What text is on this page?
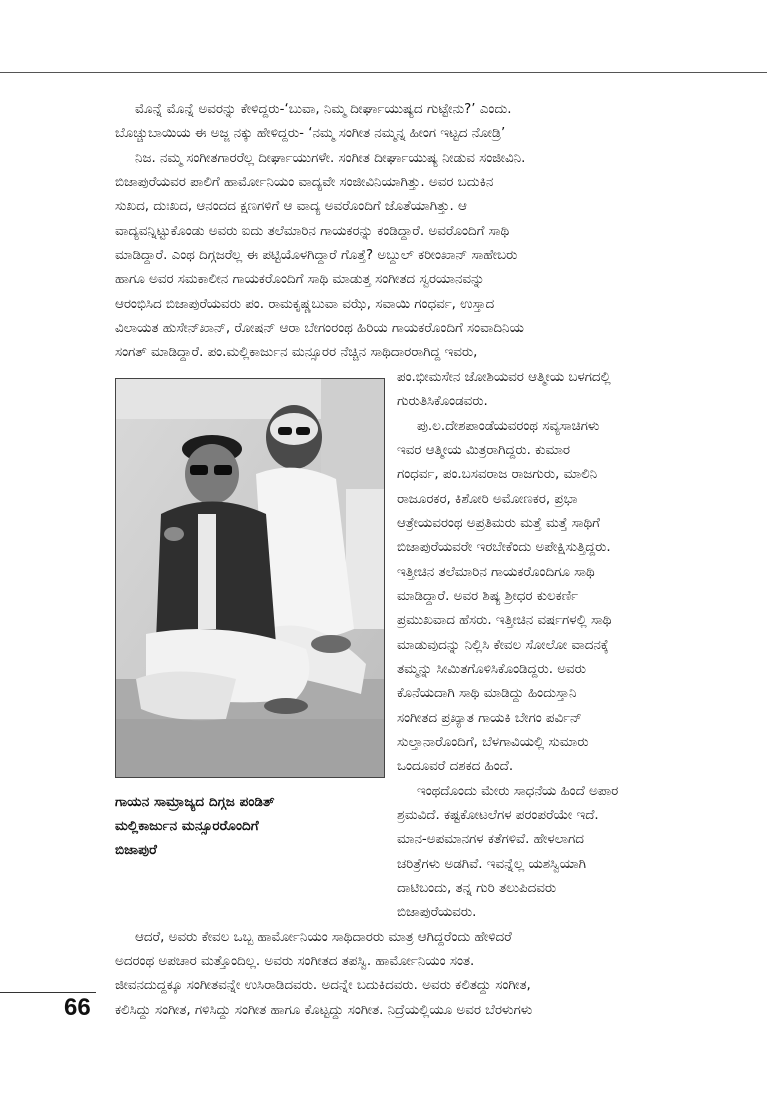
ಮೊನ್ನೆ ಮೊನ್ನೆ ಅವರನ್ನು ಕೇಳಿದ್ದರು-‘ಬುವಾ, ನಿಮ್ಮ ದೀರ್ಘಾಯುಷ್ಯದ ಗುಟ್ಟೇನು?’ ಎಂದು.
ಬೊಚ್ಚುಬಾಯಿಯ ಈ ಅಜ್ಜ ನಕ್ಕು ಹೇಳಿದ್ದರು- ‘ನಮ್ಮ ಸಂಗೀತ ನಮ್ಮನ್ನ ಹೀಂಗ ಇಟ್ಟದ ನೋಡ್ರಿ’
ನಿಜ. ನಮ್ಮ ಸಂಗೀತಗಾರರೆಲ್ಲ ದೀರ್ಘಾಯುಗಳೇ. ಸಂಗೀತ ದೀರ್ಘಾಯುಷ್ಯ ನೀಡುವ ಸಂಜೀವಿನಿ.
ಬಿಜಾಪುರೆಯವರ ಪಾಲಿಗೆ ಹಾರ್ಮೋನಿಯಂ ವಾದ್ಯವೇ ಸಂಜೀವಿನಿಯಾಗಿತ್ತು. ಅವರ ಬದುಕಿನ
ಸುಖದ, ದುಃಖದ, ಆನಂದದ ಕ್ಷಣಗಳಿಗೆ ಆ ವಾದ್ಯ ಅವರೊಂದಿಗೆ ಜೊತೆಯಾಗಿತ್ತು. ಆ
ವಾದ್ಯವನ್ನಿಟ್ಟುಕೊಂಡು ಅವರು ಐದು ತಲೆಮಾರಿನ ಗಾಯಕರನ್ನು ಕಂಡಿದ್ದಾರೆ. ಅವರೊಂದಿಗೆ ಸಾಥಿ
ಮಾಡಿದ್ದಾರೆ. ಎಂಥ ದಿಗ್ಗಜರೆಲ್ಲ ಈ ಪಟ್ಟಿಯೊಳಗಿದ್ದಾರೆ ಗೊತ್ತೆ? ಅಬ್ದುಲ್ ಕರೀಂಖಾನ್ ಸಾಹೇಬರು
ಹಾಗೂ ಅವರ ಸಮಕಾಲೀನ ಗಾಯಕರೊಂದಿಗೆ ಸಾಥಿ ಮಾಡುತ್ತ ಸಂಗೀತದ ಸ್ವರಯಾನವನ್ನು
ಆರಂಭಿಸಿದ ಬಿಜಾಪುರೆಯವರು ಪಂ. ರಾಮಕೃಷ್ಣಬುವಾ ವಝೆ, ಸವಾಯಿ ಗಂಧರ್ವ, ಉಸ್ತಾದ
ವಿಲಾಯತ ಹುಸೇನ್‌ಖಾನ್, ರೋಷನ್ ಆರಾ ಬೇಗಂರಂಥ ಹಿರಿಯ ಗಾಯಕರೊಂದಿಗೆ ಸಂವಾದಿನಿಯ
ಸಂಗತ್ ಮಾಡಿದ್ದಾರೆ. ಪಂ.ಮಲ್ಲಿಕಾರ್ಜುನ ಮನ್ಸೂರರ ನೆಚ್ಚಿನ ಸಾಥಿದಾರರಾಗಿದ್ದ ಇವರು,
ಗಾಯನ ಸಾಮ್ರಾಜ್ಯದ ದಿಗ್ಗಜ ಪಂಡಿತ್
ಮಲ್ಲಿಕಾರ್ಜುನ ಮನ್ಸೂರರೊಂದಿಗೆ
ಬಿಜಾಪುರೆ
ಪಂ.ಭೀಮಸೇನ ಜೋಶಿಯವರ ಆತ್ಮೀಯ ಬಳಗದಲ್ಲಿ
ಗುರುತಿಸಿಕೊಂಡವರು.
ಪು.ಲ.ದೇಶಪಾಂಡೆಯವರಂಥ ಸವ್ಯಸಾಚಿಗಳು
ಇವರ ಆತ್ಮೀಯ ಮಿತ್ರರಾಗಿದ್ದರು. ಕುಮಾರ
ಗಂಧರ್ವ, ಪಂ.ಬಸವರಾಜ ರಾಜಗುರು, ಮಾಲಿನಿ
ರಾಜೂರಕರ, ಕಿಶೋರಿ ಅಮೋಣಕರ, ಪ್ರಭಾ
ಆತ್ರೇಯವರಂಥ ಅಪ್ರತಿಮರು ಮತ್ತೆ ಮತ್ತೆ ಸಾಥಿಗೆ
ಬಿಜಾಪುರೆಯವರೇ ಇರಬೇಕೆಂದು ಅಪೇಕ್ಷಿಸುತ್ತಿದ್ದರು.
ಇತ್ತೀಚಿನ ತಲೆಮಾರಿನ ಗಾಯಕರೊಂದಿಗೂ ಸಾಥಿ
ಮಾಡಿದ್ದಾರೆ. ಅವರ ಶಿಷ್ಯ ಶ್ರೀಧರ ಕುಲಕರ್ಣಿ
ಪ್ರಮುಖವಾದ ಹೆಸರು. ಇತ್ತೀಚಿನ ವರ್ಷಗಳಲ್ಲಿ ಸಾಥಿ
ಮಾಡುವುದನ್ನು ನಿಲ್ಲಿಸಿ ಕೇವಲ ಸೋಲೋ ವಾದನಕ್ಕೆ
ತಮ್ಮನ್ನು ಸೀಮಿತಗೊಳಿಸಿಕೊಂಡಿದ್ದರು. ಅವರು
ಕೊನೆಯದಾಗಿ ಸಾಥಿ ಮಾಡಿದ್ದು ಹಿಂದುಸ್ತಾನಿ
ಸಂಗೀತದ ಪ್ರಖ್ಯಾತ ಗಾಯಕಿ ಬೇಗಂ ಪರ್ವಿನ್
ಸುಲ್ತಾನಾರೊಂದಿಗೆ, ಬೆಳಗಾವಿಯಲ್ಲಿ ಸುಮಾರು
ಒಂದೂವರೆ ದಶಕದ ಹಿಂದೆ.
ಇಂಥದೊಂದು ಮೇರು ಸಾಧನೆಯ ಹಿಂದೆ ಅಪಾರ
ಶ್ರಮವಿದೆ. ಕಷ್ಟಕೋಟಲೆಗಳ ಪರಂಪರೆಯೇ ಇದೆ.
ಮಾನ-ಅಪಮಾನಗಳ ಕತೆಗಳಿವೆ. ಹೇಳಲಾಗದ
ಚರಿತ್ರೆಗಳು ಅಡಗಿವೆ. ಇವನ್ನೆಲ್ಲ ಯಶಸ್ವಿಯಾಗಿ
ದಾಟಿಬಂದು, ತನ್ನ ಗುರಿ ತಲುಪಿದವರು
ಬಿಜಾಪುರೆಯವರು.
ಆದರೆ, ಅವರು ಕೇವಲ ಒಬ್ಬ ಹಾರ್ಮೋನಿಯಂ ಸಾಥಿದಾರರು ಮಾತ್ರ ಆಗಿದ್ದರೆಂದು ಹೇಳಿದರೆ
ಅದರಂಥ ಅಪಚಾರ ಮತ್ತೊಂದಿಲ್ಲ. ಅವರು ಸಂಗೀತದ ತಪಸ್ವಿ. ಹಾರ್ಮೋನಿಯಂ ಸಂತ.
ಜೀವನದುದ್ದಕ್ಕೂ ಸಂಗೀತವನ್ನೇ ಉಸಿರಾಡಿದವರು. ಅದನ್ನೇ ಬದುಕಿದವರು. ಅವರು ಕಲಿತದ್ದು ಸಂಗೀತ,
ಕಲಿಸಿದ್ದು ಸಂಗೀತ, ಗಳಿಸಿದ್ದು ಸಂಗೀತ ಹಾಗೂ ಕೊಟ್ಟದ್ದು ಸಂಗೀತ. ನಿದ್ರೆಯಲ್ಲಿಯೂ ಅವರ ಬೆರಳುಗಳು
66
